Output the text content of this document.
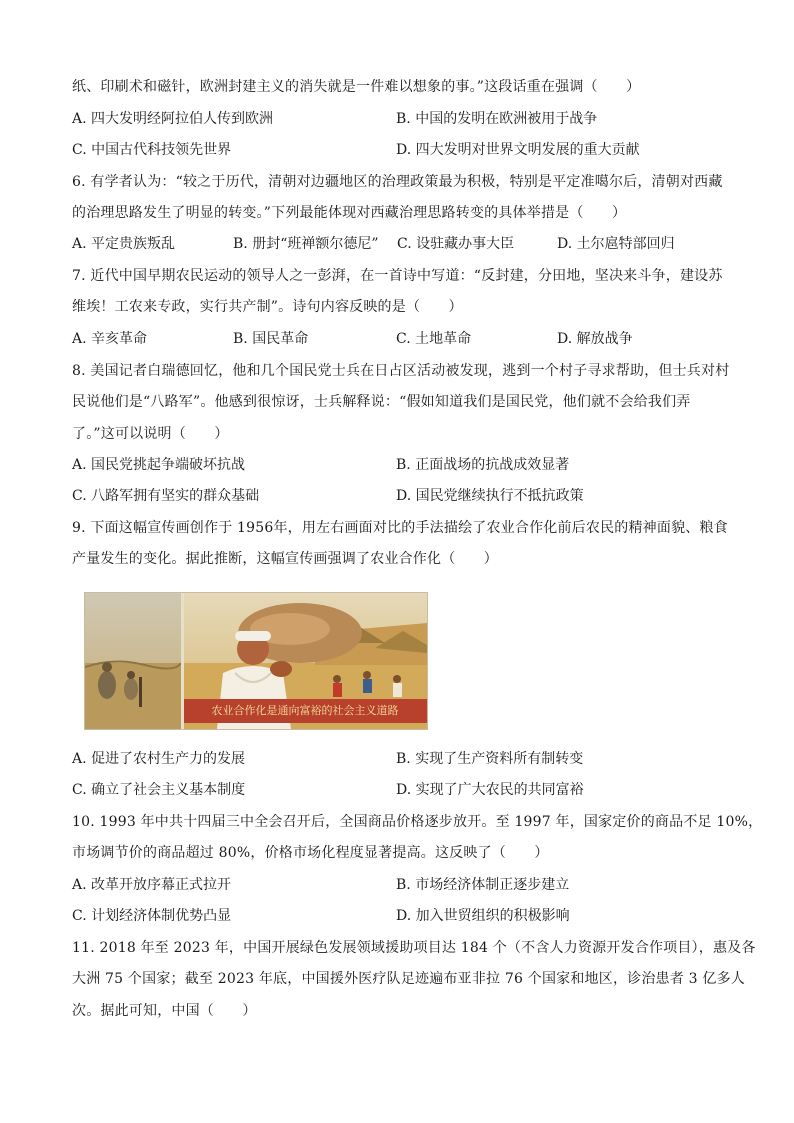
纸、印刷术和磁针，欧洲封建主义的消失就是一件难以想象的事。”这段话重在强调（　　）
A. 四大发明经阿拉伯人传到欧洲	B. 中国的发明在欧洲被用于战争
C. 中国古代科技领先世界	D. 四大发明对世界文明发展的重大贡献
6. 有学者认为：“较之于历代，清朝对边疆地区的治理政策最为积极，特别是平定准噶尔后，清朝对西藏
的治理思路发生了明显的转变。”下列最能体现对西藏治理思路转变的具体举措是（　　）
A. 平定贵族叛乱	B. 册封“班禅额尔德尼” C. 设驻藏办事大臣	D. 土尔扈特部回归
7. 近代中国早期农民运动的领导人之一彭湃，在一首诗中写道：“反封建，分田地，坚决来斗争，建设苏
维埃！工农来专政，实行共产制”。诗句内容反映的是（　　）
A. 辛亥革命	B. 国民革命	C. 土地革命	D. 解放战争
8. 美国记者白瑞德回忆，他和几个国民党士兵在日占区活动被发现，逃到一个村子寻求帮助，但士兵对村
民说他们是“八路军”。他感到很惊讶，士兵解释说：“假如知道我们是国民党，他们就不会给我们弄
了。”这可以说明（　　）
A. 国民党挑起争端破坏抗战	B. 正面战场的抗战成效显著
C. 八路军拥有坚实的群众基础	D. 国民党继续执行不抵抗政策
9. 下面这幅宣传画创作于 1956年，用左右画面对比的手法描绘了农业合作化前后农民的精神面貌、粮食
产量发生的变化。据此推断，这幅宣传画强调了农业合作化（　　）
农业合作化是通向富裕的社会主义道路
A. 促进了农村生产力的发展	B. 实现了生产资料所有制转变
C. 确立了社会主义基本制度	D. 实现了广大农民的共同富裕
10. 1993 年中共十四届三中全会召开后，全国商品价格逐步放开。至 1997 年，国家定价的商品不足 10%，
市场调节价的商品超过 80%，价格市场化程度显著提高。这反映了（　　）
A. 改革开放序幕正式拉开	B. 市场经济体制正逐步建立
C. 计划经济体制优势凸显	D. 加入世贸组织的积极影响
11. 2018 年至 2023 年，中国开展绿色发展领域援助项目达 184 个（不含人力资源开发合作项目），惠及各
大洲 75 个国家；截至 2023 年底，中国援外医疗队足迹遍布亚非拉 76 个国家和地区，诊治患者 3 亿多人
次。据此可知，中国（　　）
